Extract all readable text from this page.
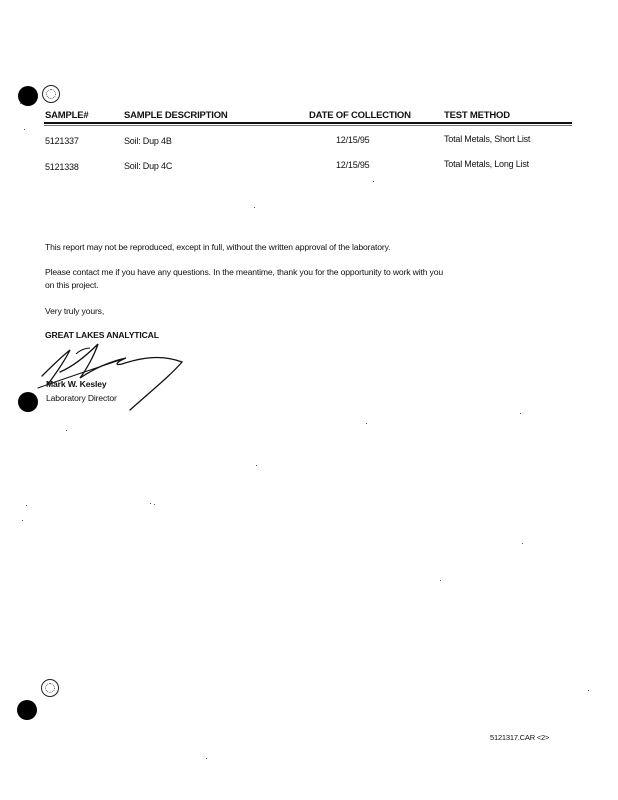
SAMPLE#	SAMPLE DESCRIPTION	DATE OF COLLECTION	TEST METHOD
5121337	Soil: Dup 4B	12/15/95	Total Metals, Short List
5121338	Soil: Dup 4C	12/15/95	Total Metals, Long List
This report may not be reproduced, except in full, without the written approval of the laboratory.
Please contact me if you have any questions. In the meantime, thank you for the opportunity to work with you
on this project.
Very truly yours,
GREAT LAKES ANALYTICAL
Mark W. Kesley
Laboratory Director
5121317.CAR <2>
